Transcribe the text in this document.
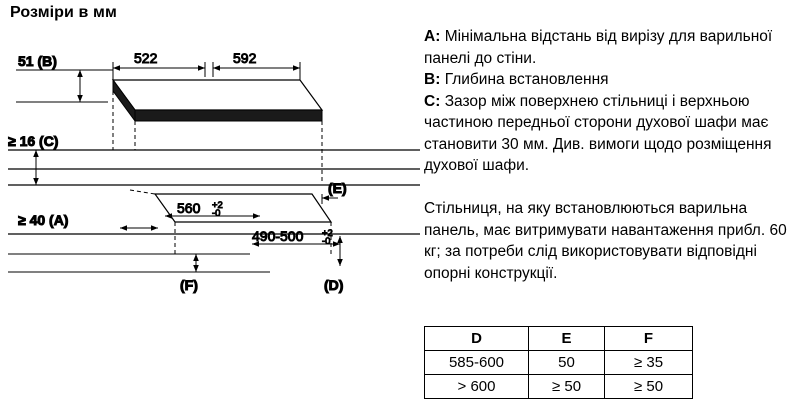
Розміри в мм
522	592
51 (B)
≥ 16 (C)
(E)
560 +2
-0
490-500 +2
-0
≥ 40 (A)
(F)	(D)
A: Мінімальна відстань від вирізу для варильної панелі до стіни.
B: Глибина встановлення
C: Зазор між поверхнею стільниці і верхньою частиною передньої сторони духової шафи має становити 30 мм. Див. вимоги щодо розміщення духової шафи.
Стільниця, на яку встановлюються варильна панель, має витримувати навантаження прибл. 60 кг; за потреби слід використовувати відповідні опорні конструкції.
D	E	F
585-600	50	≥ 35
> 600	≥ 50	≥ 50
